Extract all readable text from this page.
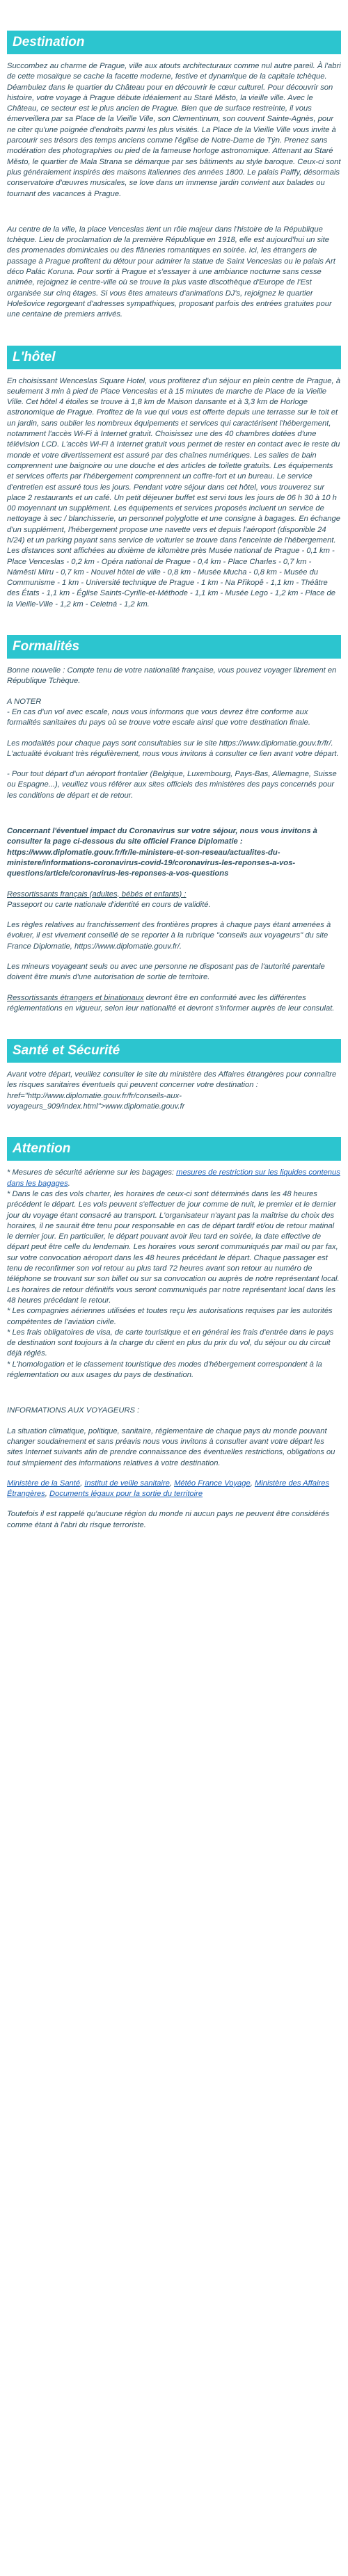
Destination

Succombez au charme de Prague, ville aux atouts architecturaux comme nul autre pareil. À l'abri de cette mosaïque se cache la facette moderne, festive et dynamique de la capitale tchèque. Déambulez dans le quartier du Château pour en découvrir le cœur culturel. Pour découvrir son histoire, votre voyage à Prague débute idéalement au Staré Město, la vieille ville. Avec le Château, ce secteur est le plus ancien de Prague. Bien que de surface restreinte, il vous émerveillera par sa Place de la Vieille Ville, son Clementinum, son couvent Sainte-Agnès, pour ne citer qu'une poignée d'endroits parmi les plus visités. La Place de la Vieille Ville vous invite à parcourir ses trésors des temps anciens comme l'église de Notre-Dame de Týn. Prenez sans modération des photographies ou pied de la fameuse horloge astronomique. Attenant au Staré Město, le quartier de Mala Strana se démarque par ses bâtiments au style baroque. Ceux-ci sont plus généralement inspirés des maisons italiennes des années 1800. Le palais Palffy, désormais conservatoire d'œuvres musicales, se love dans un immense jardin convient aux balades ou tournant des vacances à Prague.

Au centre de la ville, la place Venceslas tient un rôle majeur dans l'histoire de la République tchèque. Lieu de proclamation de la première République en 1918, elle est aujourd'hui un site des promenades dominicales ou des flâneries romantiques en soirée. Ici, les étrangers de passage à Prague profitent du détour pour admirer la statue de Saint Venceslas ou le palais Art déco Palác Koruna. Pour sortir à Prague et s'essayer à une ambiance nocturne sans cesse animée, rejoignez le centre-ville où se trouve la plus vaste discothèque d'Europe de l'Est organisée sur cinq étages. Si vous êtes amateurs d'animations DJ's, rejoignez le quartier Holešovice regorgeant d'adresses sympathiques, proposant parfois des entrées gratuites pour une centaine de premiers arrivés.

L'hôtel

En choisissant Wenceslas Square Hotel, vous profiterez d'un séjour en plein centre de Prague, à seulement 3 min à pied de Place Venceslas et à 15 minutes de marche de Place de la Vieille Ville. Cet hôtel 4 étoiles se trouve à 1,8 km de Maison dansante et à 3,3 km de Horloge astronomique de Prague. Profitez de la vue qui vous est offerte depuis une terrasse sur le toit et un jardin, sans oublier les nombreux équipements et services qui caractérisent l'hébergement, notamment l'accès Wi-Fi à Internet gratuit. Choisissez une des 40 chambres dotées d'une télévision LCD. L'accès Wi-Fi à Internet gratuit vous permet de rester en contact avec le reste du monde et votre divertissement est assuré par des chaînes numériques. Les salles de bain comprennent une baignoire ou une douche et des articles de toilette gratuits. Les équipements et services offerts par l'hébergement comprennent un coffre-fort et un bureau. Le service d'entretien est assuré tous les jours. Pendant votre séjour dans cet hôtel, vous trouverez sur place 2 restaurants et un café. Un petit déjeuner buffet est servi tous les jours de 06 h 30 à 10 h 00 moyennant un supplément. Les équipements et services proposés incluent un service de nettoyage à sec / blanchisserie, un personnel polyglotte et une consigne à bagages. En échange d'un supplément, l'hébergement propose une navette vers et depuis l'aéroport (disponible 24 h/24) et un parking payant sans service de voiturier se trouve dans l'enceinte de l'hébergement. Les distances sont affichées au dixième de kilomètre près Musée national de Prague - 0,1 km - Place Venceslas - 0,2 km - Opéra national de Prague - 0,4 km - Place Charles - 0,7 km - Námĕstí Míru - 0,7 km - Nouvel hôtel de ville - 0,8 km - Musée Mucha - 0,8 km - Musée du Communisme - 1 km - Université technique de Prague - 1 km - Na Přikopě - 1,1 km - Théâtre des États - 1,1 km - Église Saints-Cyrille-et-Méthode - 1,1 km - Musée Lego - 1,2 km - Place de la Vieille-Ville - 1,2 km - Celetná - 1,2 km.

Formalités

Bonne nouvelle : Compte tenu de votre nationalité française, vous pouvez voyager librement en République Tchèque.

A NOTER

- En cas d'un vol avec escale, nous vous informons que vous devrez être conforme aux formalités sanitaires du pays où se trouve votre escale ainsi que votre destination finale.

Les modalités pour chaque pays sont consultables sur le site https://www.diplomatie.gouv.fr/fr/. L'actualité évoluant très régulièrement, nous vous invitons à consulter ce lien avant votre départ.

- Pour tout départ d'un aéroport frontalier (Belgique, Luxembourg, Pays-Bas, Allemagne, Suisse ou Espagne...), veuillez vous référer aux sites officiels des ministères des pays concernés pour les conditions de départ et de retour.

Concernant l'éventuel impact du Coronavirus sur votre séjour, nous vous invitons à consulter la page ci-dessous du site officiel France Diplomatie : https://www.diplomatie.gouv.fr/fr/le-ministere-et-son-reseau/actualites-du-ministere/informations-coronavirus-covid-19/coronavirus-les-reponses-a-vos-questions/article/coronavirus-les-reponses-a-vos-questions

Ressortissants français (adultes, bébés et enfants) :
Passeport ou carte nationale d'identité en cours de validité.

Les règles relatives au franchissement des frontières propres à chaque pays étant amenées à évoluer, il est vivement conseillé de se reporter à la rubrique "conseils aux voyageurs" du site France Diplomatie, https://www.diplomatie.gouv.fr/.

Les mineurs voyageant seuls ou avec une personne ne disposant pas de l'autorité parentale doivent être munis d'une autorisation de sortie de territoire.

Ressortissants étrangers et binationaux devront être en conformité avec les différentes réglementations en vigueur, selon leur nationalité et devront s'informer auprès de leur consulat.

Santé et Sécurité

Avant votre départ, veuillez consulter le site du ministère des Affaires étrangères pour connaître les risques sanitaires éventuels qui peuvent concerner votre destination : href="http://www.diplomatie.gouv.fr/fr/conseils-aux-voyageurs_909/index.html">www.diplomatie.gouv.fr

Attention

* Mesures de sécurité aérienne sur les bagages: mesures de restriction sur les liquides contenus dans les bagages.

* Dans le cas des vols charter, les horaires de ceux-ci sont déterminés dans les 48 heures précédent le départ. Les vols peuvent s'effectuer de jour comme de nuit, le premier et le dernier jour du voyage étant consacré au transport. L'organisateur n'ayant pas la maîtrise du choix des horaires, il ne saurait être tenu pour responsable en cas de départ tardif et/ou de retour matinal le dernier jour. En particulier, le départ pouvant avoir lieu tard en soirée, la date effective de départ peut être celle du lendemain. Les horaires vous seront communiqués par mail ou par fax, sur votre convocation aéroport dans les 48 heures précédant le départ. Chaque passager est tenu de reconfirmer son vol retour au plus tard 72 heures avant son retour au numéro de téléphone se trouvant sur son billet ou sur sa convocation ou auprès de notre représentant local. Les horaires de retour définitifs vous seront communiqués par notre représentant local dans les 48 heures précédant le retour.

* Les compagnies aériennes utilisées et toutes reçu les autorisations requises par les autorités compétentes de l'aviation civile.

* Les frais obligatoires de visa, de carte touristique et en général les frais d'entrée dans le pays de destination sont toujours à la charge du client en plus du prix du vol, du séjour ou du circuit déjà réglés.

* L'homologation et le classement touristique des modes d'hébergement correspondent à la réglementation ou aux usages du pays de destination.

INFORMATIONS AUX VOYAGEURS :

La situation climatique, politique, sanitaire, réglementaire de chaque pays du monde pouvant changer soudainement et sans préavis nous vous invitons à consulter avant votre départ les sites Internet suivants afin de prendre connaissance des éventuelles restrictions, obligations ou tout simplement des informations relatives à votre destination.

Ministère de la Santé, Institut de veille sanitaire, Météo France Voyage, Ministère des Affaires Étrangères, Documents légaux pour la sortie du territoire

Toutefois il est rappelé qu'aucune région du monde ni aucun pays ne peuvent être considérés comme étant à l'abri du risque terroriste.
